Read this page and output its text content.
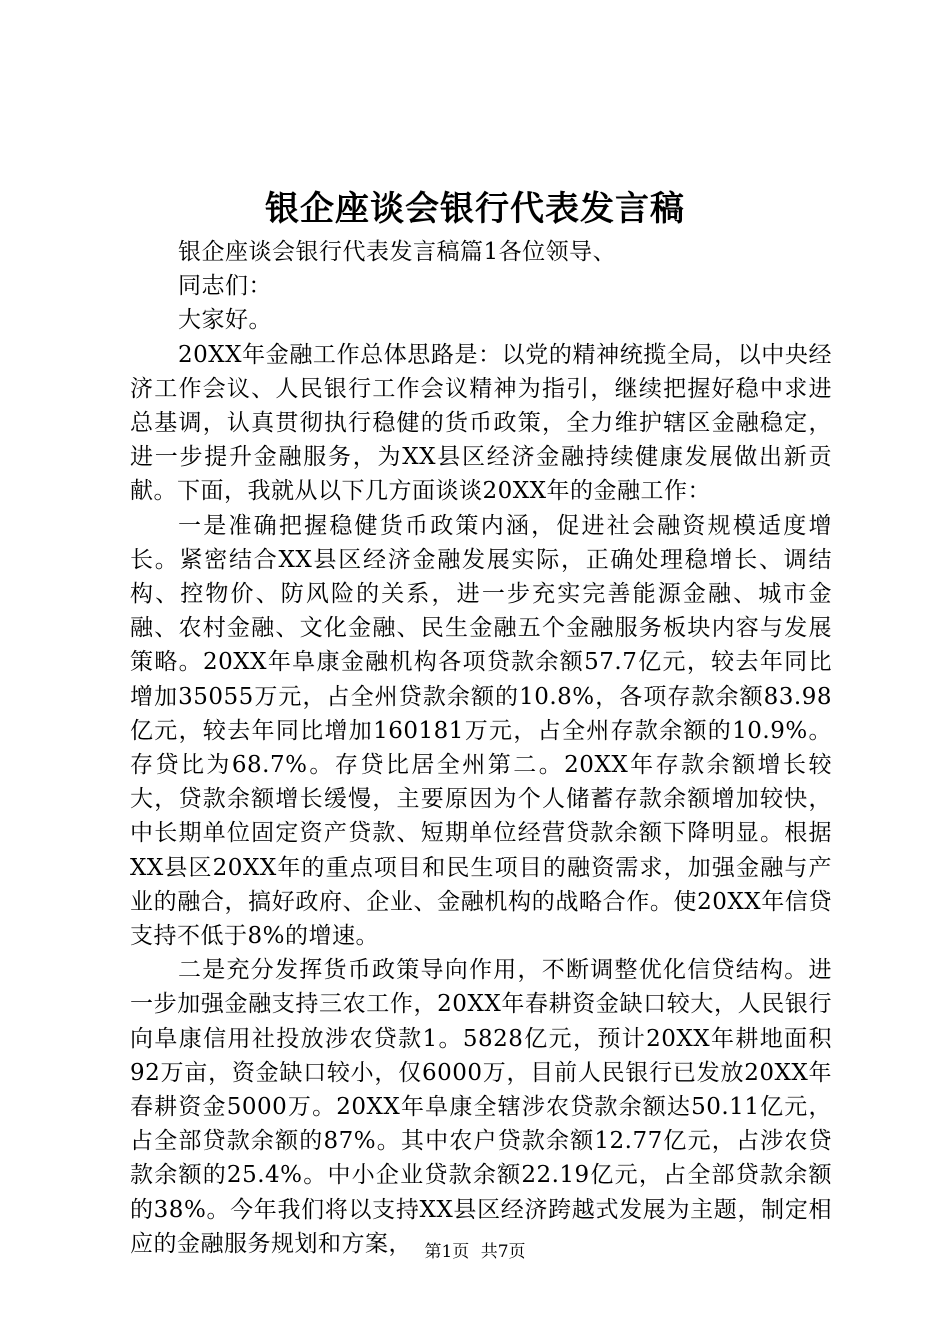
银企座谈会银行代表发言稿

银企座谈会银行代表发言稿篇1各位领导、

同志们：

大家好。

20XX年金融工作总体思路是：以党的精神统揽全局，以中央经济工作会议、人民银行工作会议精神为指引，继续把握好稳中求进总基调，认真贯彻执行稳健的货币政策，全力维护辖区金融稳定，进一步提升金融服务，为XX县区经济金融持续健康发展做出新贡献。下面，我就从以下几方面谈谈20XX年的金融工作：

一是准确把握稳健货币政策内涵，促进社会融资规模适度增长。紧密结合XX县区经济金融发展实际，正确处理稳增长、调结构、控物价、防风险的关系，进一步充实完善能源金融、城市金融、农村金融、文化金融、民生金融五个金融服务板块内容与发展策略。20XX年阜康金融机构各项贷款余额57.7亿元，较去年同比增加35055万元，占全州贷款余额的10.8%，各项存款余额83.98亿元，较去年同比增加160181万元，占全州存款余额的10.9%。存贷比为68.7%。存贷比居全州第二。20XX年存款余额增长较大，贷款余额增长缓慢，主要原因为个人储蓄存款余额增加较快，中长期单位固定资产贷款、短期单位经营贷款余额下降明显。根据XX县区20XX年的重点项目和民生项目的融资需求，加强金融与产业的融合，搞好政府、企业、金融机构的战略合作。使20XX年信贷支持不低于8%的增速。

二是充分发挥货币政策导向作用，不断调整优化信贷结构。进一步加强金融支持三农工作，20XX年春耕资金缺口较大，人民银行向阜康信用社投放涉农贷款1。5828亿元，预计20XX年耕地面积92万亩，资金缺口较小，仅6000万，目前人民银行已发放20XX年春耕资金5000万。20XX年阜康全辖涉农贷款余额达50.11亿元，占全部贷款余额的87%。其中农户贷款余额12.77亿元，占涉农贷款余额的25.4%。中小企业贷款余额22.19亿元，占全部贷款余额的38%。今年我们将以支持XX县区经济跨越式发展为主题，制定相应的金融服务规划和方案， 第1页 共7页
